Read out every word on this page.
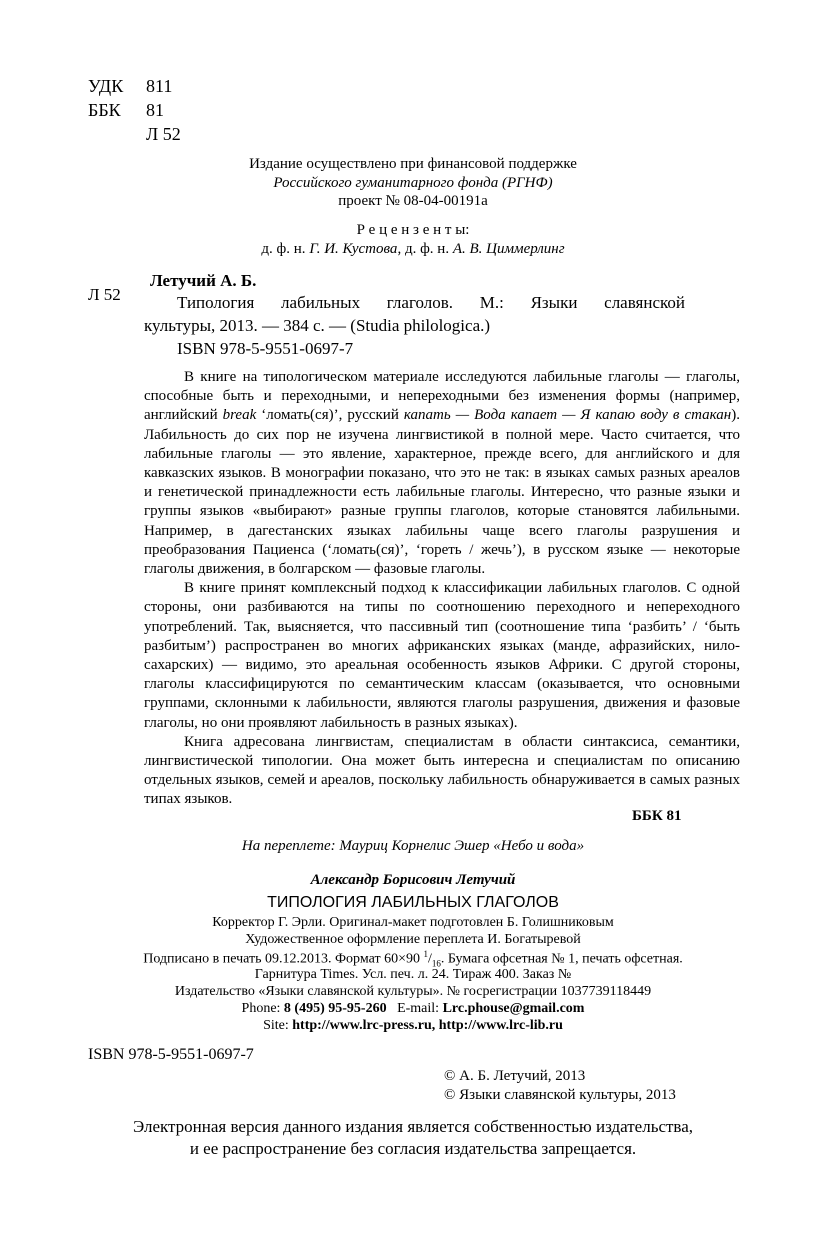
УДК 811
ББК 81
Л 52
Издание осуществлено при финансовой поддержке
Российского гуманитарного фонда (РГНФ)
проект № 08-04-00191а
Р е ц е н з е н т ы:
д. ф. н. Г. И. Кустова, д. ф. н. А. В. Циммерлинг
Л 52
Летучий А. Б.
Типология лабильных глаголов. М.: Языки славянской
культуры, 2013. — 384 с. — (Studia philologica.)
ISBN 978-5-9551-0697-7

В книге на типологическом материале исследуются лабильные глаголы — глаголы, способные быть и переходными, и непереходными без изменения формы (например, английский break ‘ломать(ся)’, русский капать — Вода капает — Я капаю воду в стакан). Лабильность до сих пор не изучена лингвистикой в полной мере. Часто считается, что лабильные глаголы — это явление, характерное, прежде всего, для английского и для кавказских языков. В монографии показано, что это не так: в языках самых разных ареалов и генетической принадлежности есть лабильные глаголы. Интересно, что разные языки и группы языков «выбирают» разные группы глаголов, которые становятся лабильными. Например, в дагестанских языках лабильны чаще всего глаголы разрушения и преобразования Пациенса (‘ломать(ся)’, ‘гореть / жечь’), в русском языке — некоторые глаголы движения, в болгарском — фазовые глаголы.

В книге принят комплексный подход к классификации лабильных глаголов. С одной стороны, они разбиваются на типы по соотношению переходного и непереходного употреблений. Так, выясняется, что пассивный тип (соотношение типа ‘разбить’ / ‘быть разбитым’) распространен во многих африканских языках (манде, афразийских, нило-сахарских) — видимо, это ареальная особенность языков Африки. С другой стороны, глаголы классифицируются по семантическим классам (оказывается, что основными группами, склонными к лабильности, являются глаголы разрушения, движения и фазовые глаголы, но они проявляют лабильность в разных языках).

Книга адресована лингвистам, специалистам в области синтаксиса, семантики, лингвистической типологии. Она может быть интересна и специалистам по описанию отдельных языков, семей и ареалов, поскольку лабильность обнаруживается в самых разных типах языков.

ББК 81
На переплете: Мауриц Корнелис Эшер «Небо и вода»
Александр Борисович Летучий
ТИПОЛОГИЯ ЛАБИЛЬНЫХ ГЛАГОЛОВ
Корректор Г. Эрли. Оригинал-макет подготовлен Б. Голишниковым
Художественное оформление переплета И. Богатыревой
Подписано в печать 09.12.2013. Формат 60×90 $^1/_{16}$. Бумага офсетная № 1, печать офсетная.
Гарнитура Times. Усл. печ. л. 24. Тираж 400. Заказ №
Издательство «Языки славянской культуры». № госрегистрации 1037739118449
Phone: 8 (495) 95-95-260   E-mail: Lrc.phouse@gmail.com
Site: http://www.lrc-press.ru, http://www.lrc-lib.ru
ISBN 978-5-9551-0697-7
© А. Б. Летучий, 2013
© Языки славянской культуры, 2013
Электронная версия данного издания является собственностью издательства,
и ее распространение без согласия издательства запрещается.
